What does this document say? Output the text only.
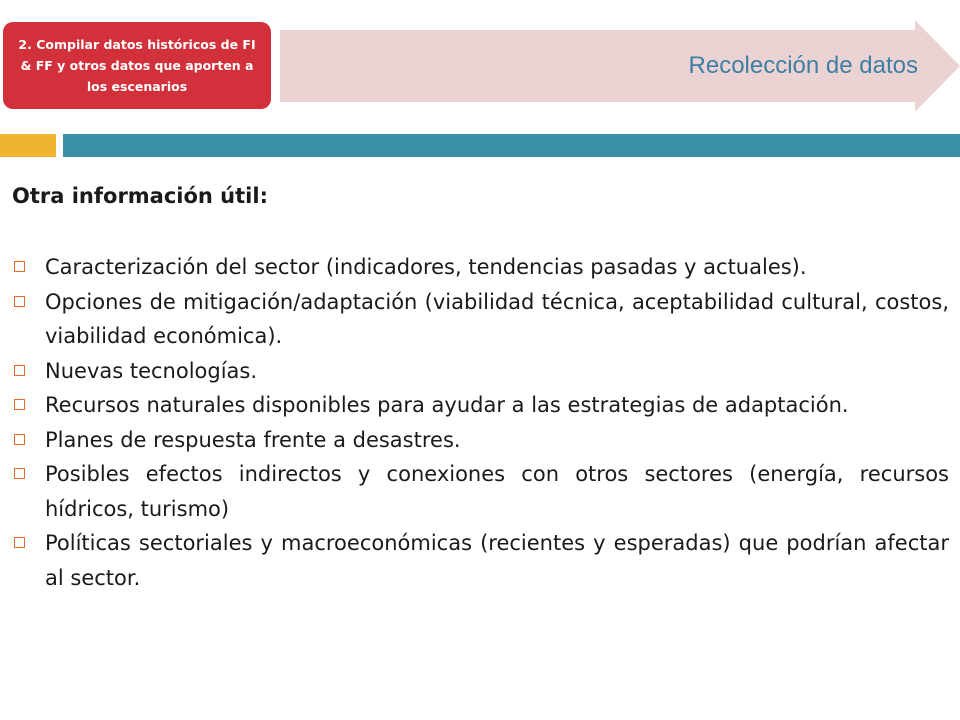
2. Compilar datos históricos de FI & FF y otros datos que aporten a los escenarios
Recolección de datos
Otra información útil:
Caracterización del sector (indicadores, tendencias pasadas y actuales).
Opciones de mitigación/adaptación (viabilidad técnica, aceptabilidad cultural, costos, viabilidad económica).
Nuevas tecnologías.
Recursos naturales disponibles para ayudar a las estrategias de adaptación.
Planes de respuesta frente a desastres.
Posibles efectos indirectos y conexiones con otros sectores (energía, recursos hídricos, turismo)
Políticas sectoriales y macroeconómicas (recientes y esperadas) que podrían afectar al sector.
